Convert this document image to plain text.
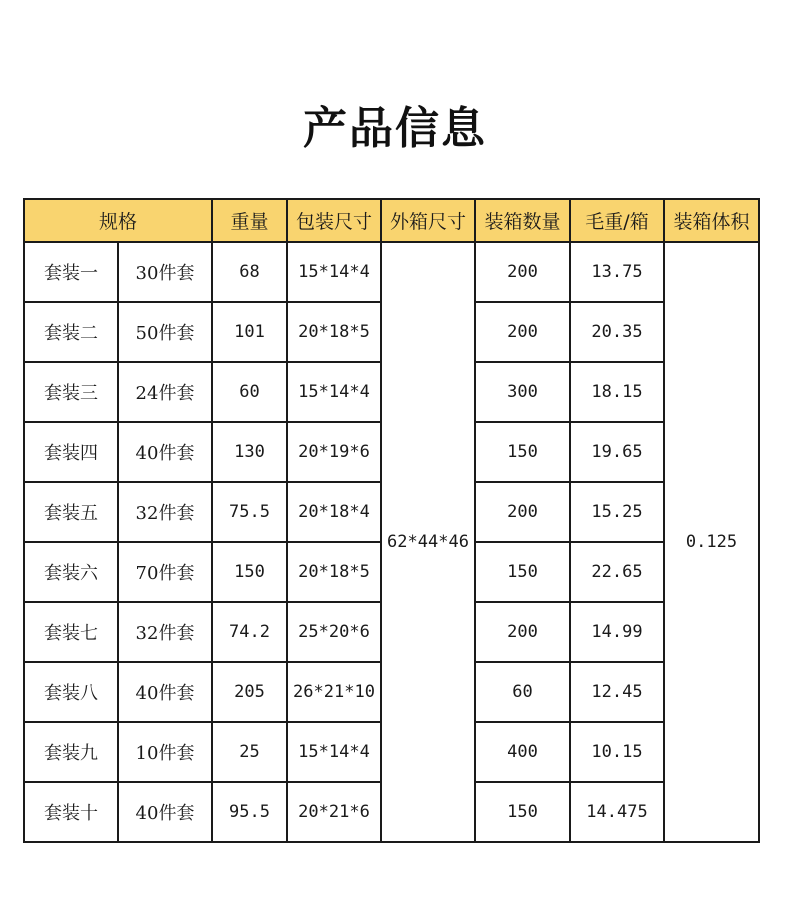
产品信息
规格		重量	包装尺寸	外箱尺寸	装箱数量	毛重/箱	装箱体积
套装一	30件套	68	15*14*4	62*44*46	200	13.75	0.125
套装二	50件套	101	20*18*5		200	20.35	
套装三	24件套	60	15*14*4		300	18.15	
套装四	40件套	130	20*19*6		150	19.65	
套装五	32件套	75.5	20*18*4		200	15.25	
套装六	70件套	150	20*18*5		150	22.65	
套装七	32件套	74.2	25*20*6		200	14.99	
套装八	40件套	205	26*21*10		60	12.45	
套装九	10件套	25	15*14*4		400	10.15	
套装十	40件套	95.5	20*21*6		150	14.475	
